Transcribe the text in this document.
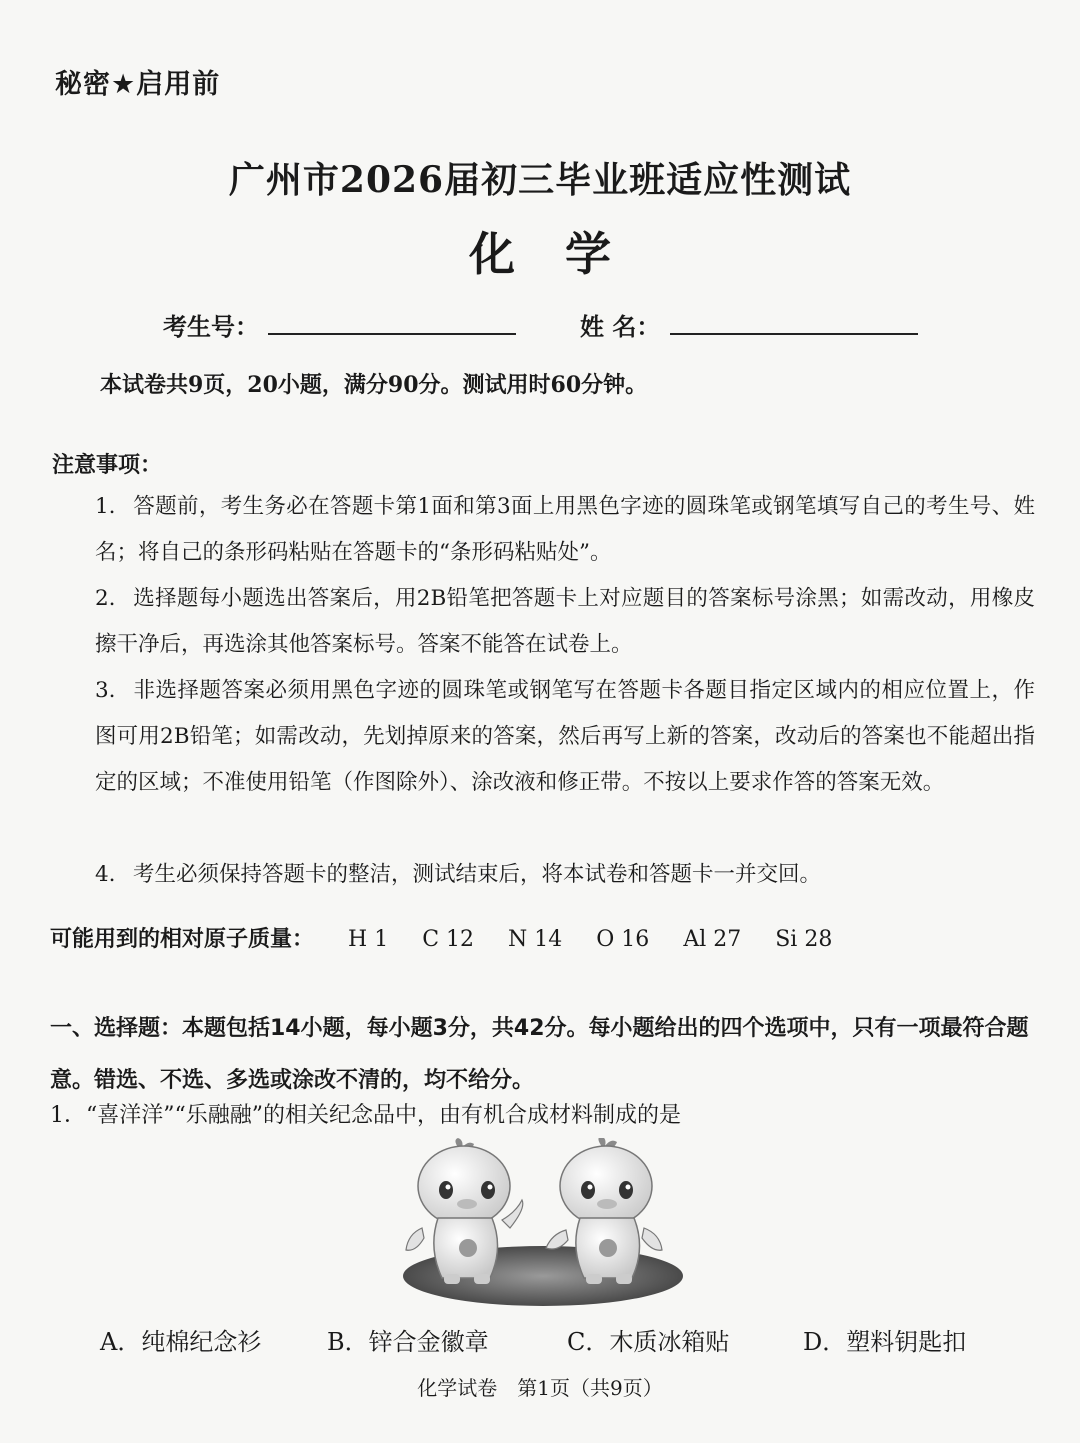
秘密★启用前
广州市2026届初三毕业班适应性测试
化学
考生号：	姓 名：
本试卷共9页，20小题，满分90分。测试用时60分钟。
注意事项：
1. 答题前，考生务必在答题卡第1面和第3面上用黑色字迹的圆珠笔或钢笔填写自己的考生号、姓名；将自己的条形码粘贴在答题卡的“条形码粘贴处”。
2. 选择题每小题选出答案后，用2B铅笔把答题卡上对应题目的答案标号涂黑；如需改动，用橡皮擦干净后，再选涂其他答案标号。答案不能答在试卷上。
3. 非选择题答案必须用黑色字迹的圆珠笔或钢笔写在答题卡各题目指定区域内的相应位置上，作图可用2B铅笔；如需改动，先划掉原来的答案，然后再写上新的答案，改动后的答案也不能超出指定的区域；不准使用铅笔（作图除外）、涂改液和修正带。不按以上要求作答的答案无效。
4. 考生必须保持答题卡的整洁，测试结束后，将本试卷和答题卡一并交回。
可能用到的相对原子质量： H 1 C 12 N 14 O 16 Al 27 Si 28
一、选择题：本题包括14小题，每小题3分，共42分。每小题给出的四个选项中，只有一项最符合题意。错选、不选、多选或涂改不清的，均不给分。
1．“喜洋洋”“乐融融”的相关纪念品中，由有机合成材料制成的是
A．纯棉纪念衫	B．锌合金徽章	C．木质冰箱贴	D．塑料钥匙扣
化学试卷　第1页（共9页）
